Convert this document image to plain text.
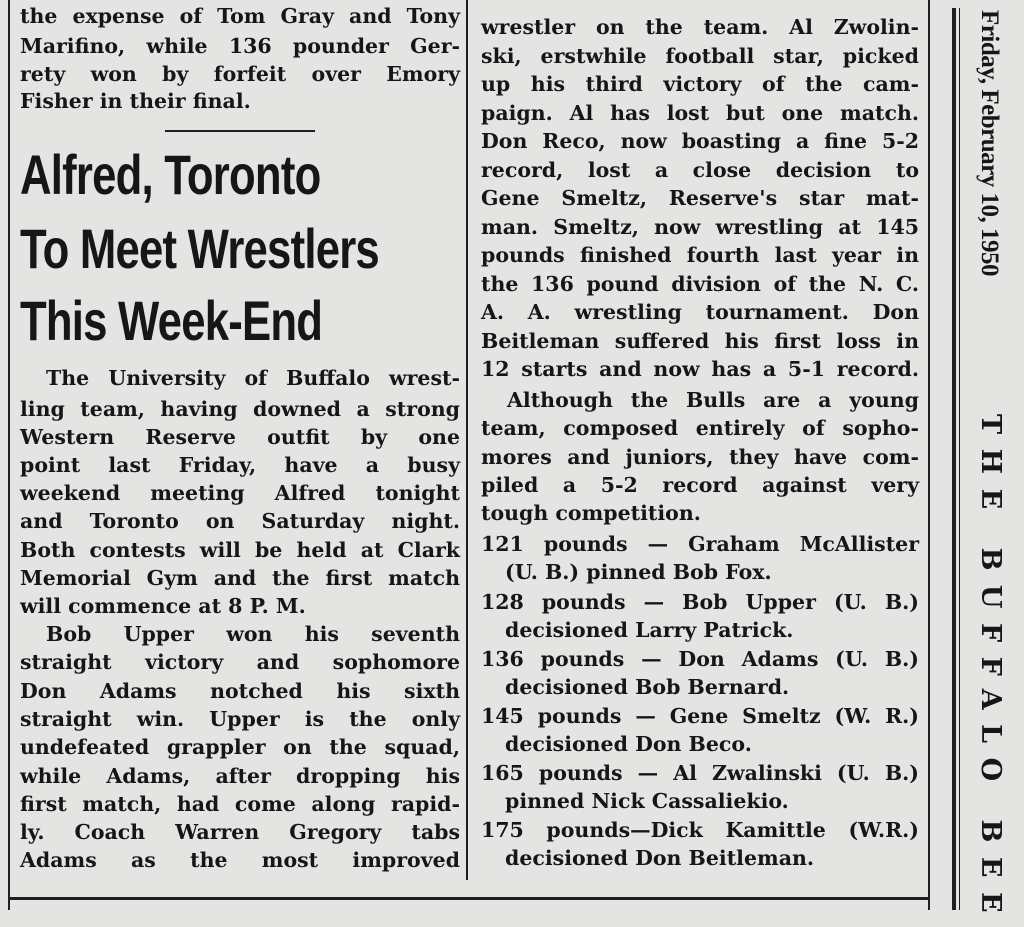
the expense of Tom Gray and Tony
Marifino, while 136 pounder Ger-
rety won by forfeit over Emory
Fisher in their final.
Alfred, Toronto
To Meet Wrestlers
This Week-End
The University of Buffalo wrest-
ling team, having downed a strong
Western Reserve outfit by one
point last Friday, have a busy
weekend meeting Alfred tonight
and Toronto on Saturday night.
Both contests will be held at Clark
Memorial Gym and the first match
will commence at 8 P. M.
Bob Upper won his seventh
straight victory and sophomore
Don Adams notched his sixth
straight win. Upper is the only
undefeated grappler on the squad,
while Adams, after dropping his
first match, had come along rapid-
ly. Coach Warren Gregory tabs
Adams as the most improved
wrestler on the team. Al Zwolin-
ski, erstwhile football star, picked
up his third victory of the cam-
paign. Al has lost but one match.
Don Reco, now boasting a fine 5-2
record, lost a close decision to
Gene Smeltz, Reserve's star mat-
man. Smeltz, now wrestling at 145
pounds finished fourth last year in
the 136 pound division of the N. C.
A. A. wrestling tournament. Don
Beitleman suffered his first loss in
12 starts and now has a 5-1 record.
Although the Bulls are a young
team, composed entirely of sopho-
mores and juniors, they have com-
piled a 5-2 record against very
tough competition.
121 pounds — Graham McAllister
(U. B.) pinned Bob Fox.
128 pounds — Bob Upper (U. B.)
decisioned Larry Patrick.
136 pounds — Don Adams (U. B.)
decisioned Bob Bernard.
145 pounds — Gene Smeltz (W. R.)
decisioned Don Beco.
165 pounds — Al Zwalinski (U. B.)
pinned Nick Cassaliekio.
175 pounds—Dick Kamittle (W.R.)
decisioned Don Beitleman.
Friday, February 10, 1950
THE BUFFALO BEE
